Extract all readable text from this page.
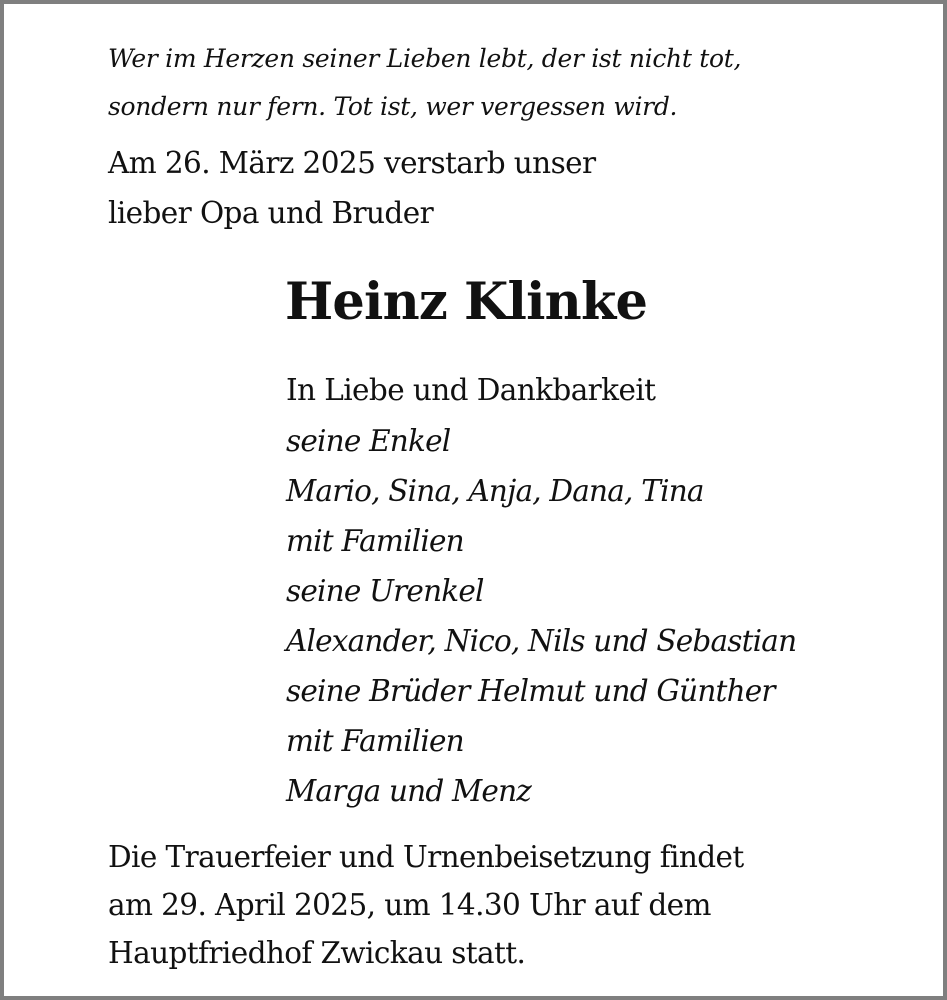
Wer im Herzen seiner Lieben lebt, der ist nicht tot,

sondern nur fern. Tot ist, wer vergessen wird.

Am 26. März 2025 verstarb unser

lieber Opa und Bruder

Heinz Klinke

In Liebe und Dankbarkeit

seine Enkel

Mario, Sina, Anja, Dana, Tina

mit Familien

seine Urenkel

Alexander, Nico, Nils und Sebastian

seine Brüder Helmut und Günther

mit Familien

Marga und Menz

Die Trauerfeier und Urnenbeisetzung findet

am 29. April 2025, um 14.30 Uhr auf dem

Hauptfriedhof Zwickau statt.
